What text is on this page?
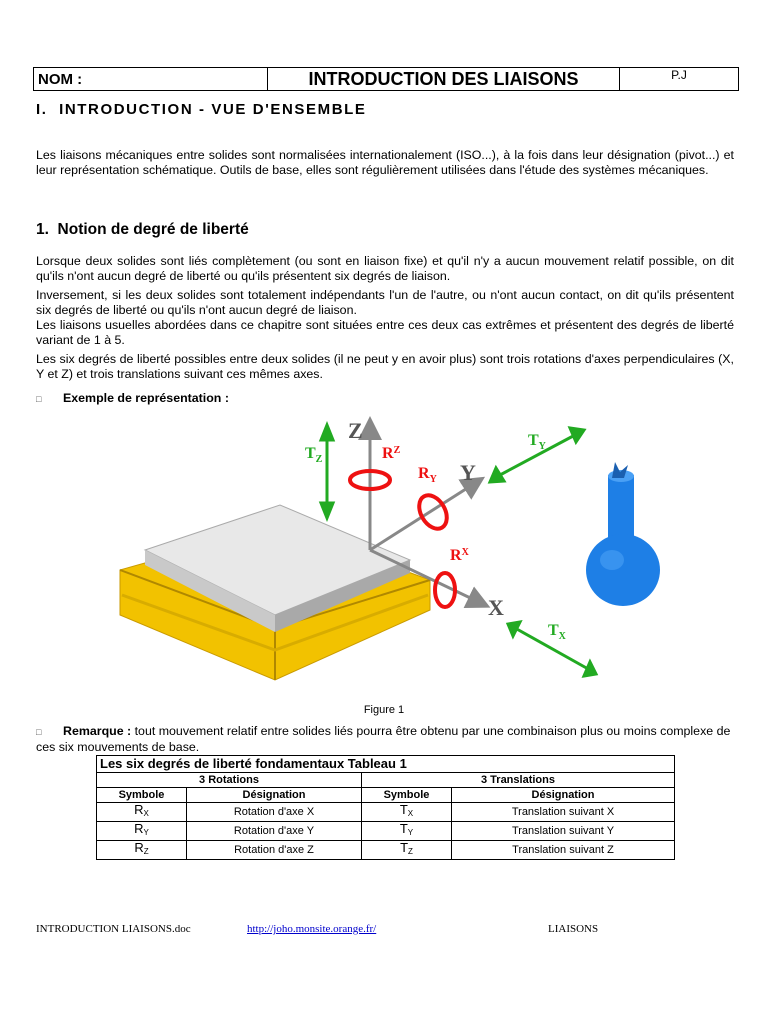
NOM :	INTRODUCTION DES LIAISONS	P.J
I.  INTRODUCTION - VUE D'ENSEMBLE
Les liaisons mécaniques entre solides sont normalisées internationalement (ISO...), à la fois dans leur désignation (pivot...) et leur représentation schématique. Outils de base, elles sont régulièrement utilisées dans l'étude des systèmes mécaniques.
1.  Notion de degré de liberté
Lorsque deux solides sont liés complètement (ou sont en liaison fixe) et qu'il n'y a aucun mouvement relatif possible, on dit qu'ils n'ont aucun degré de liberté ou qu'ils présentent six degrés de liaison.
Inversement, si les deux solides sont totalement indépendants l'un de l'autre, ou n'ont aucun contact, on dit qu'ils présentent six degrés de liberté ou qu'ils n'ont aucun degré de liaison.
Les liaisons usuelles abordées dans ce chapitre sont situées entre ces deux cas extrêmes et présentent des degrés de liberté variant de 1 à 5.
Les six degrés de liberté possibles entre deux solides (il ne peut y en avoir plus) sont trois rotations d'axes perpendiculaires (X, Y et Z) et trois translations suivant ces mêmes axes.
□ Exemple de représentation :
Z
Y
X
$T_Z$
$T_Y$
$T_X$
$R^Z$
$R_Y$
$R^X$
Figure 1
□ Remarque : tout mouvement relatif entre solides liés pourra être obtenu par une combinaison plus ou moins complexe de ces six mouvements de base.
Les six degrés de liberté fondamentaux Tableau 1			
3 Rotations		3 Translations	
Symbole	Désignation	Symbole	Désignation
$R_X$	Rotation d'axe X	$T_X$	Translation suivant X
$R_Y$	Rotation d'axe Y	$T_Y$	Translation suivant Y
$R_Z$	Rotation d'axe Z	$T_Z$	Translation suivant Z
INTRODUCTION LIAISONS.doc	http://joho.monsite.orange.fr/	LIAISONS
